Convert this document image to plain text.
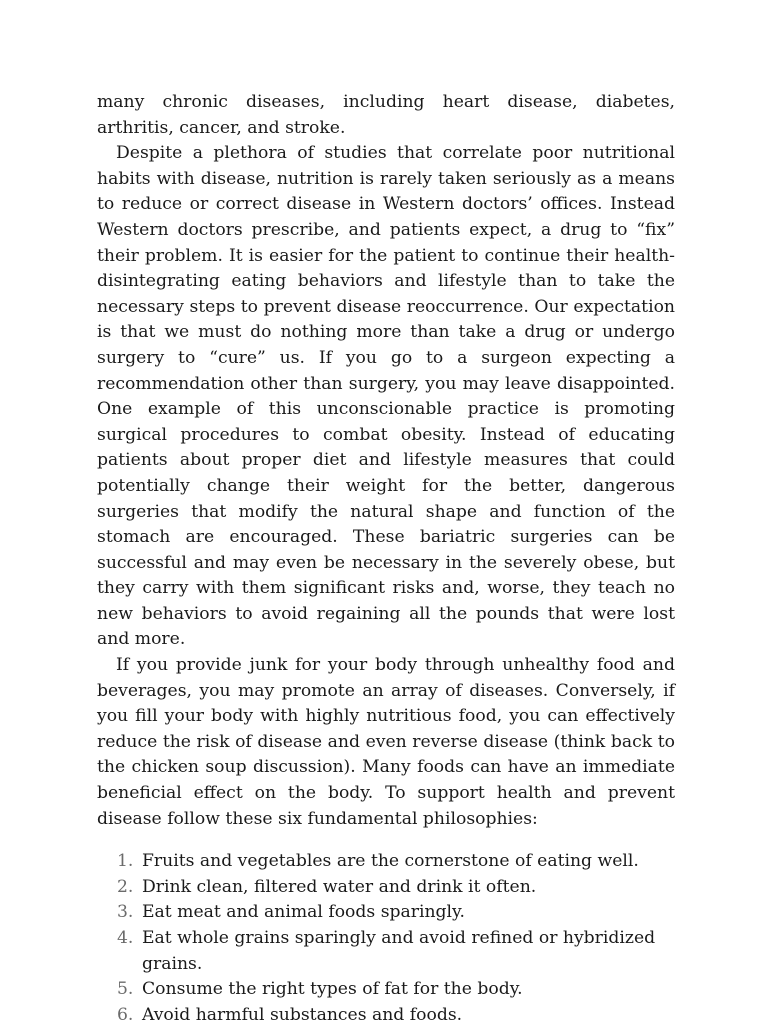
many chronic diseases, including heart disease, diabetes, arthritis, cancer, and stroke.

Despite a plethora of studies that correlate poor nutritional habits with disease, nutrition is rarely taken seriously as a means to reduce or correct disease in Western doctors’ offices. Instead Western doctors prescribe, and patients expect, a drug to “fix” their problem. It is easier for the patient to continue their health-disintegrating eating behaviors and lifestyle than to take the necessary steps to prevent disease reoccurrence. Our expectation is that we must do nothing more than take a drug or undergo surgery to “cure” us. If you go to a surgeon expecting a recommendation other than surgery, you may leave disappointed. One example of this unconscionable practice is promoting surgical procedures to combat obesity. Instead of educating patients about proper diet and lifestyle measures that could potentially change their weight for the better, dangerous surgeries that modify the natural shape and function of the stomach are encouraged. These bariatric surgeries can be successful and may even be necessary in the severely obese, but they carry with them significant risks and, worse, they teach no new behaviors to avoid regaining all the pounds that were lost and more.

If you provide junk for your body through unhealthy food and beverages, you may promote an array of diseases. Conversely, if you fill your body with highly nutritious food, you can effectively reduce the risk of disease and even reverse disease (think back to the chicken soup discussion). Many foods can have an immediate beneficial effect on the body. To support health and prevent disease follow these six fundamental philosophies:

1. Fruits and vegetables are the cornerstone of eating well.
2. Drink clean, filtered water and drink it often.
3. Eat meat and animal foods sparingly.
4. Eat whole grains sparingly and avoid refined or hybridized grains.
5. Consume the right types of fat for the body.
6. Avoid harmful substances and foods.
